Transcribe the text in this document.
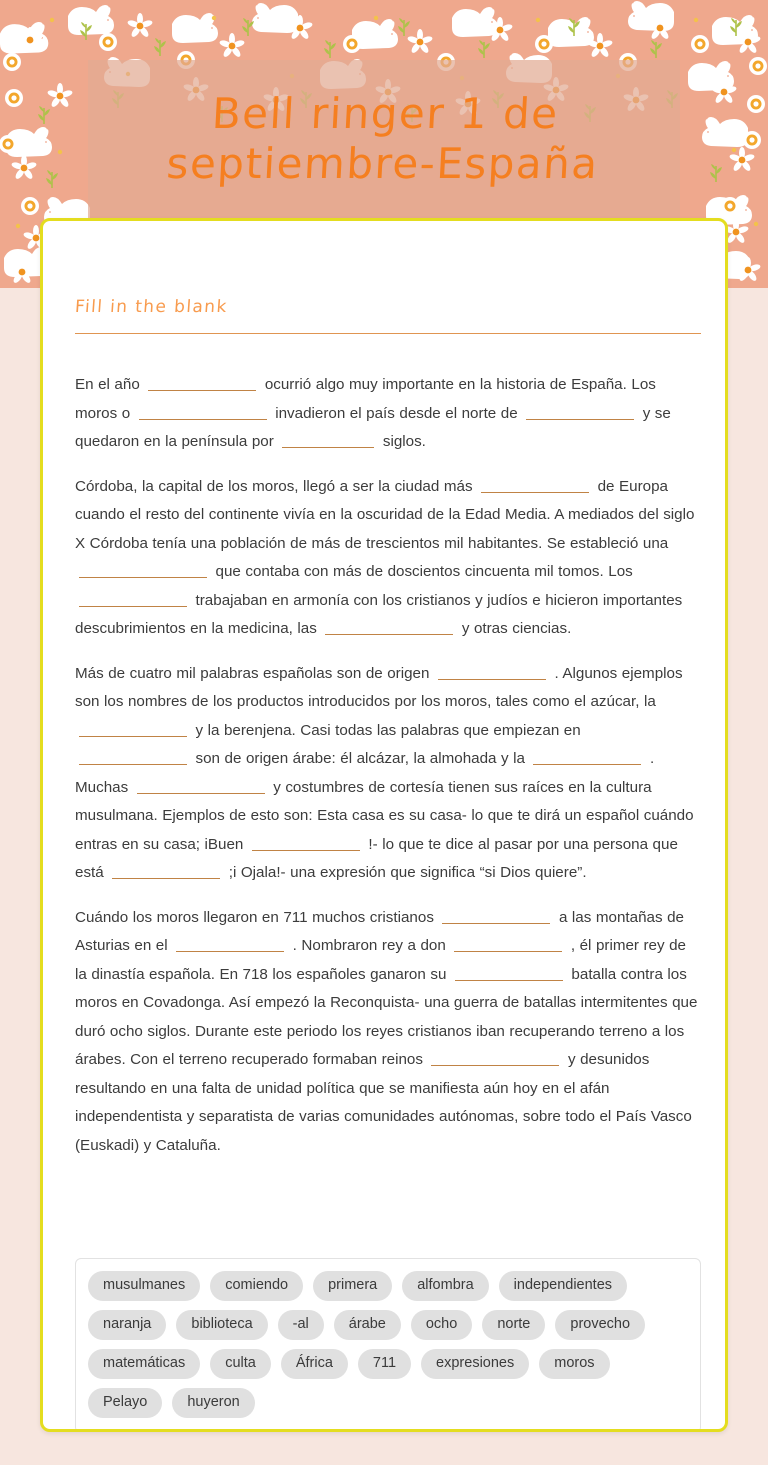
Bell ringer 1 de
septiembre-España
Fill in the blank

En el año	ocurrió algo muy importante en la historia de España. Los moros o	invadieron el país desde el norte de	y se quedaron en la península por	siglos.

Córdoba, la capital de los moros, llegó a ser la ciudad más	de Europa cuando el resto del continente vivía en la oscuridad de la Edad Media. A mediados del siglo X Córdoba tenía una población de más de trescientos mil habitantes. Se estableció una  que contaba con más de doscientos cincuenta mil tomos. Los  trabajaban en armonía con los cristianos y judíos e hicieron importantes descubrimientos en la medicina, las	y otras ciencias.

Más de cuatro mil palabras españolas son de origen	. Algunos ejemplos son los nombres de los productos introducidos por los moros, tales como el azúcar, la  y la berenjena. Casi todas las palabras que empiezan en  son de origen árabe: él alcázar, la almohada y la	. Muchas	y costumbres de cortesía tienen sus raíces en la cultura musulmana. Ejemplos de esto son: Esta casa es su casa- lo que te dirá un español cuándo entras en su casa; iBuen	!- lo que te dice al pasar por una persona que está	;i Ojala!- una expresión que significa “si Dios quiere”.

Cuándo los moros llegaron en 711 muchos cristianos	a las montañas de Asturias en el	. Nombraron rey a don	, él primer rey de la dinastía española. En 718 los españoles ganaron su	batalla contra los moros en Covadonga. Así empezó la Reconquista- una guerra de batallas intermitentes que duró ocho siglos. Durante este periodo los reyes cristianos iban recuperando terreno a los árabes. Con el terreno recuperado formaban reinos	y desunidos resultando en una falta de unidad política que se manifiesta aún hoy en el afán independentista y separatista de varias comunidades autónomas, sobre todo el País Vasco (Euskadi) y Cataluña.

musulmanes	comiendo	primera	alfombra	independientes
naranja	biblioteca	-al	árabe	ocho	norte	provecho
matemáticas	culta	África	711	expresiones	moros
Pelayo	huyeron
